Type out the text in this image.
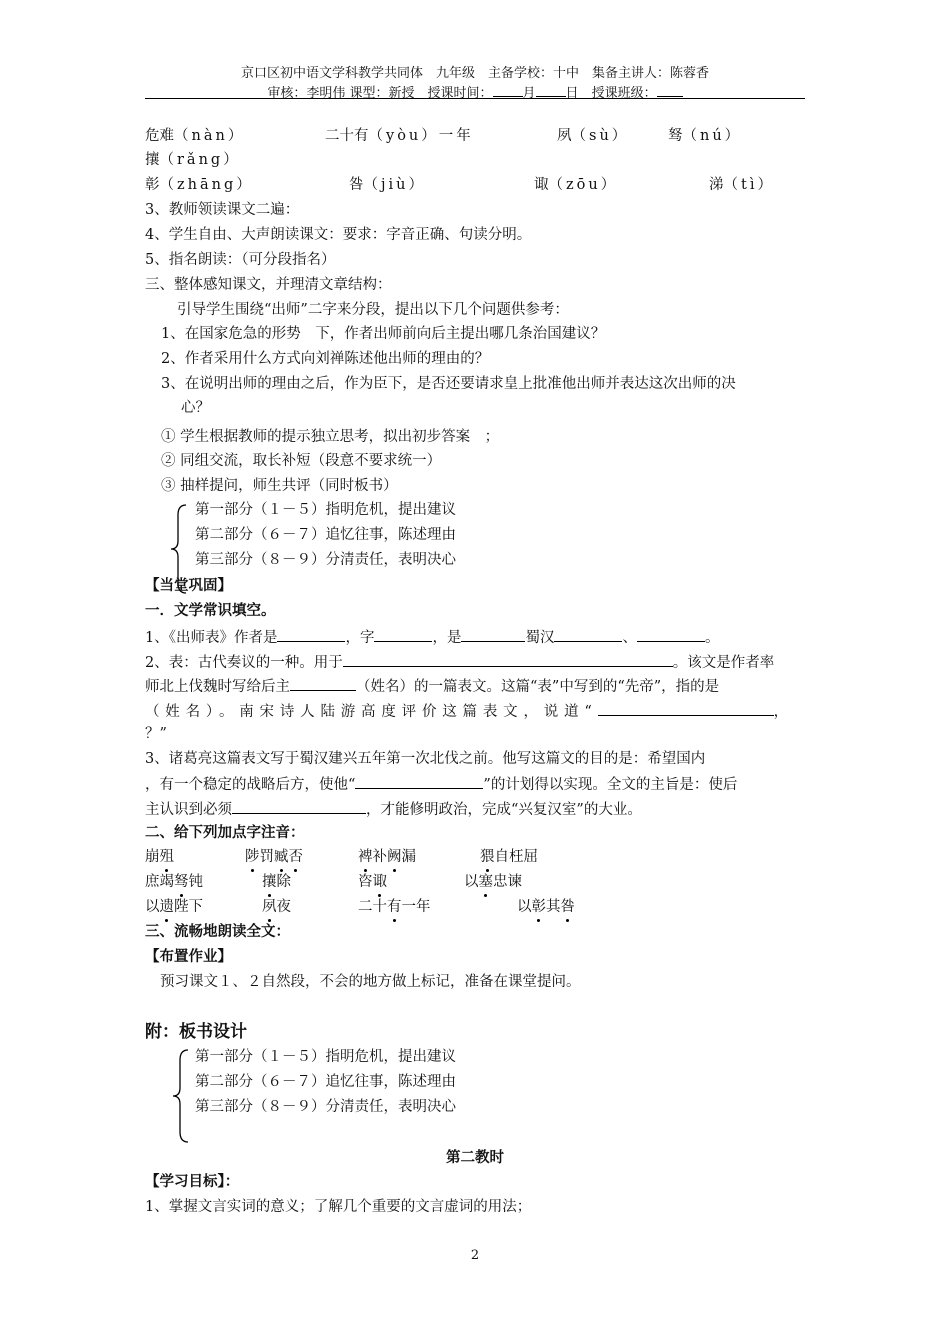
京口区初中语文学科教学共同体　九年级　主备学校：十中　集备主讲人：陈蓉香
审核：李明伟 课型：新授　授课时间： 月 日　 授课班级：
危难（nàn）	二十有（yòu）一年	夙（sù）	驽（nú）
攘（rǎng）
彰（zhāng）	咎（jiù）	诹（zōu）	涕（tì）
3、教师领读课文二遍：
4、学生自由、大声朗读课文：要求：字音正确、句读分明。
5、指名朗读：（可分段指名）
三、整体感知课文，并理清文章结构：
引导学生围绕“出师”二字来分段，提出以下几个问题供参考：
1、在国家危急的形势　 下，作者出师前向后主提出哪几条治国建议？
2、作者采用什么方式向刘禅陈述他出师的理由的？
3、在说明出师的理由之后，作为臣下，是否还要请求皇上批准他出师并表达这次出师的决
心？
① 学生根据教师的提示独立思考，拟出初步答案　；
② 同组交流，取长补短（段意不要求统一）
③ 抽样提问，师生共评（同时板书）
第一部分（１－５）指明危机，提出建议
第二部分（６－７）追忆往事，陈述理由
第三部分（８－９）分清责任，表明决心
【当堂巩固】
一．文学常识填空。
1、《出师表》作者是	，字	，是	蜀汉	、	。
2、表：古代奏议的一种。用于	。该文是作者率
师北上伐魏时写给后主	（姓名）的一篇表文。这篇“表”中写到的“先帝”，指的是
（姓名）。南宋诗人陆游高度评价这篇表文，说道“	，
？”
3、诸葛亮这篇表文写于蜀汉建兴五年第一次北伐之前。他写这篇文的目的是：希望国内
，有一个稳定的战略后方，使他“	”的计划得以实现。全文的主旨是：使后
主认识到必须	，才能修明政治，完成“兴复汉室”的大业。
二、给下列加点字注音：
崩殂	陟罚臧否	裨补阙漏	猥自枉屈
庶竭驽钝	攘除	咨诹	以塞忠谏
以遗陛下	夙夜	二十有一年	以彰其咎
三、流畅地朗读全文：
【布置作业】
预习课文１、２自然段，不会的地方做上标记，准备在课堂提问。
附：板书设计
第一部分（１－５）指明危机，提出建议
第二部分（６－７）追忆往事，陈述理由
第三部分（８－９）分清责任，表明决心
第二教时
【学习目标】：
1、掌握文言实词的意义；了解几个重要的文言虚词的用法；
2
